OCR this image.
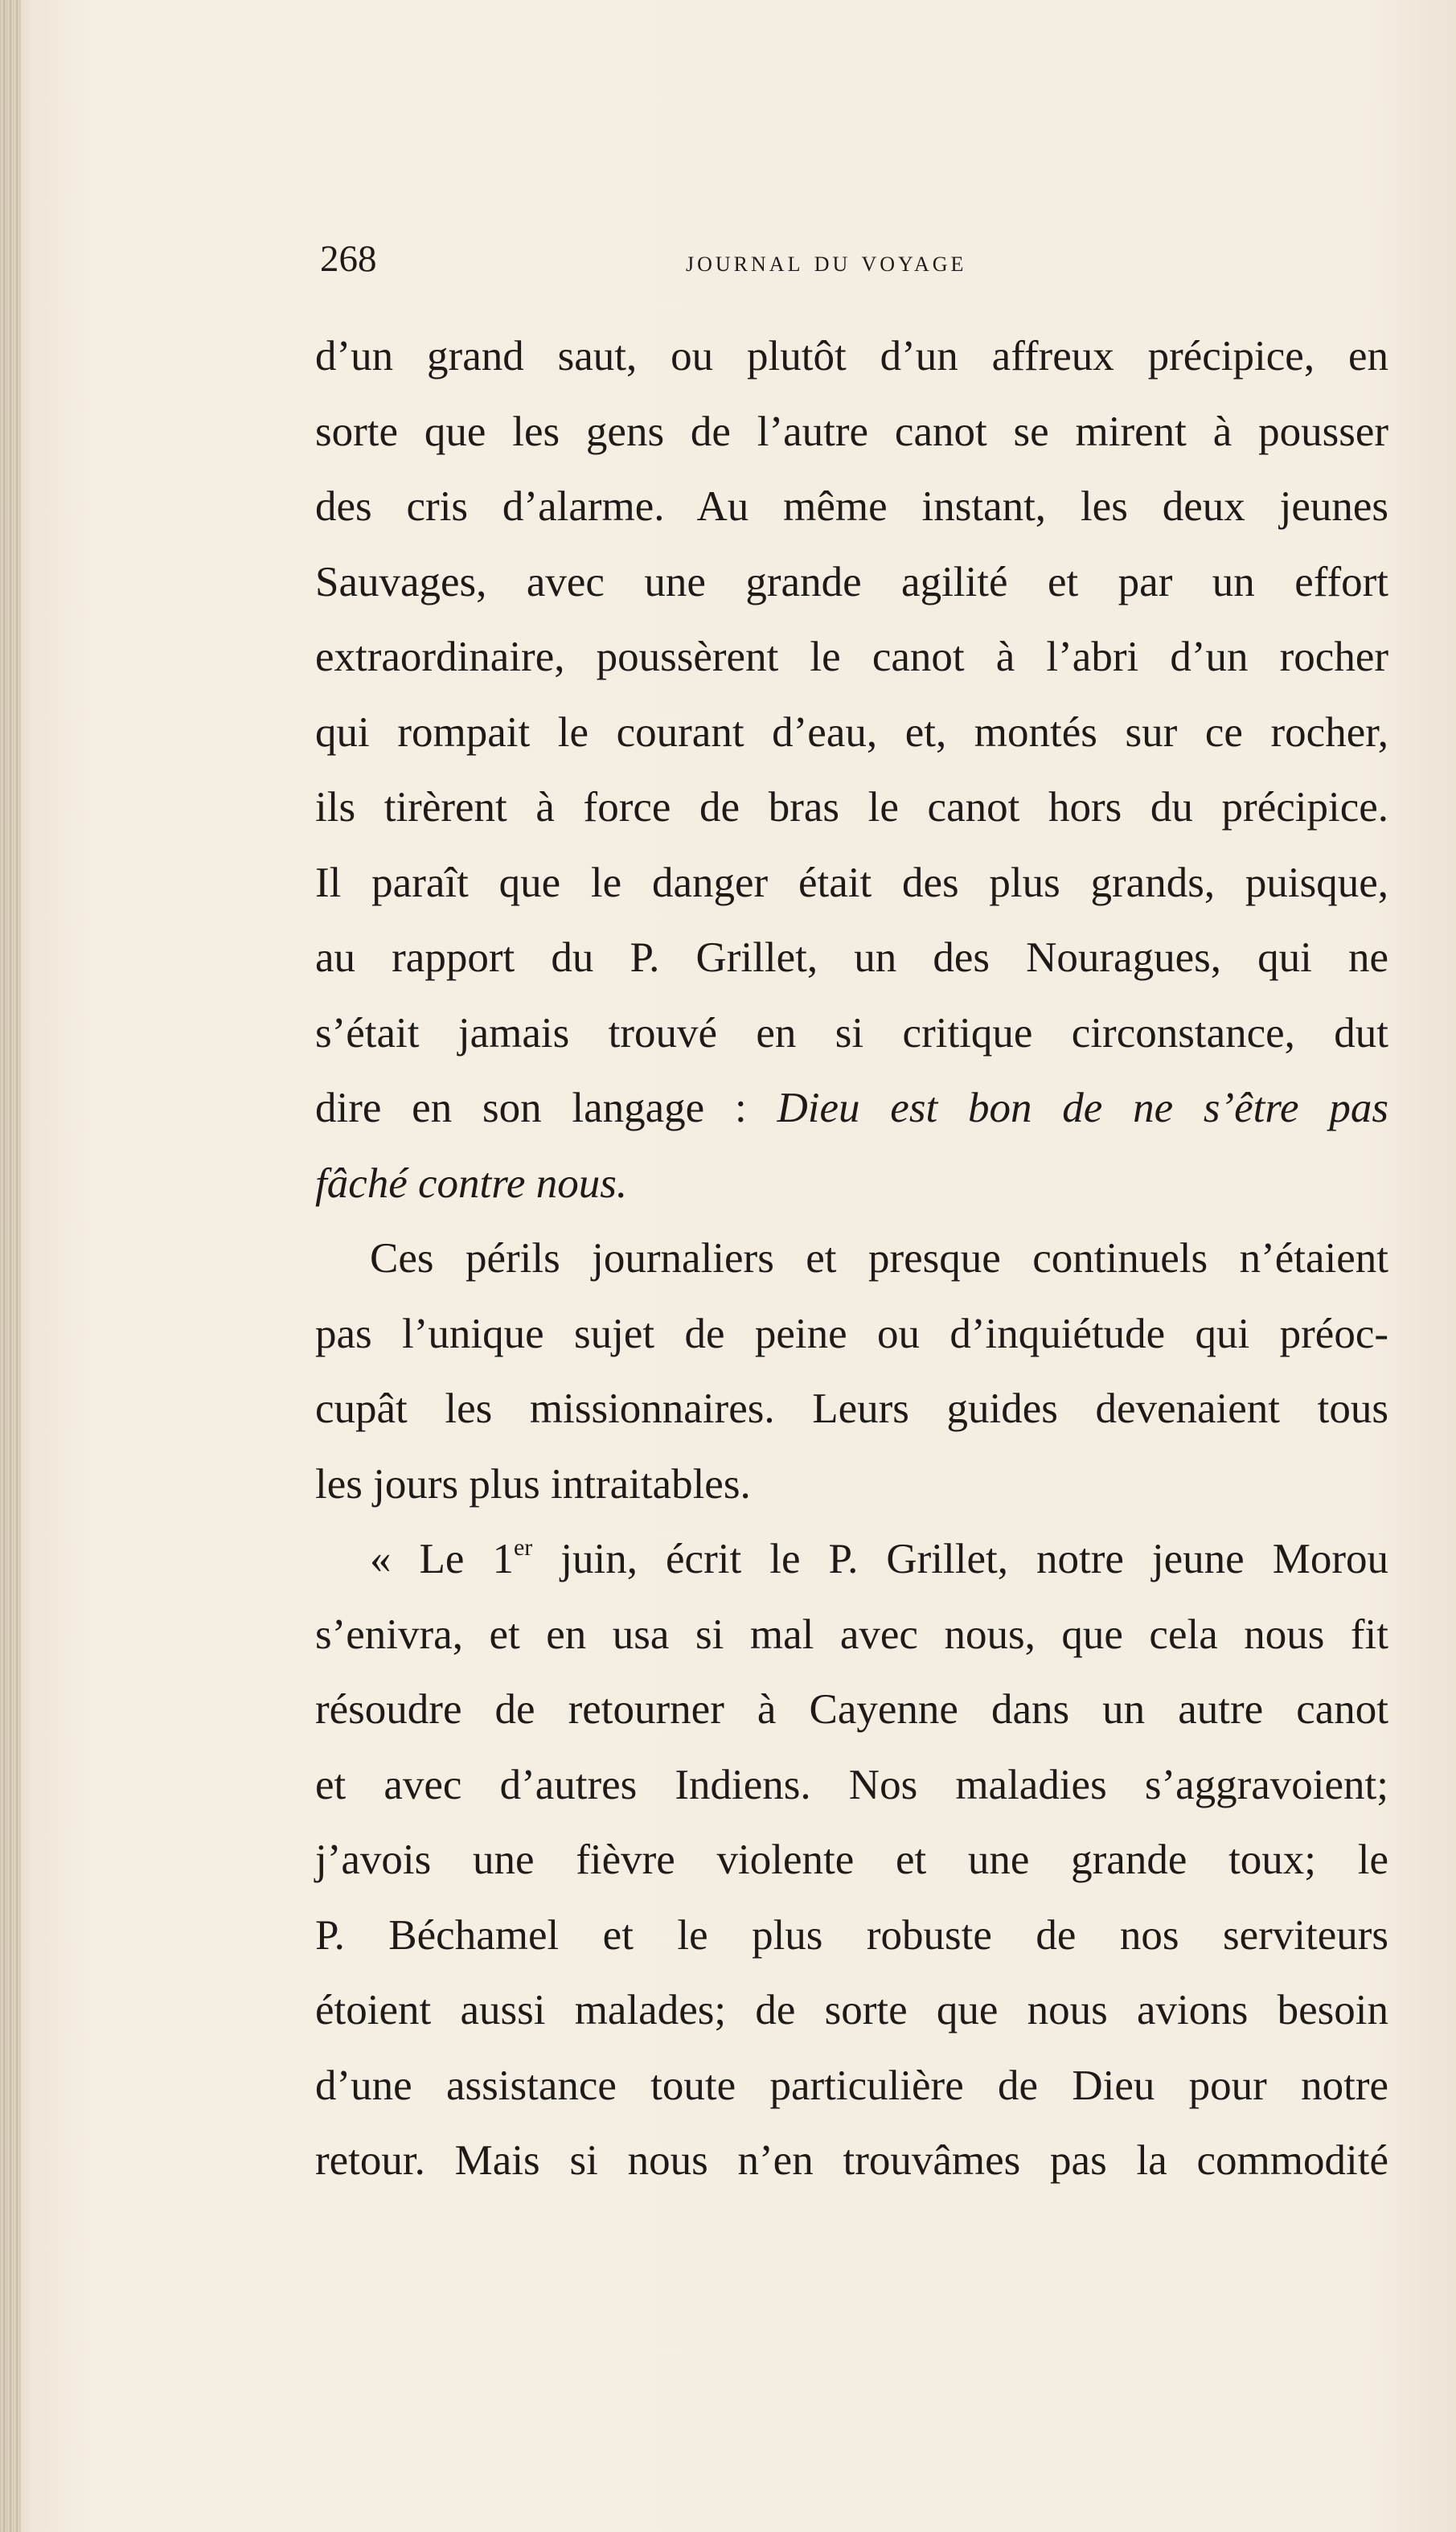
268	journal du voyage
d’un grand saut, ou plutôt d’un affreux précipice, en
sorte que les gens de l’autre canot se mirent à pousser
des cris d’alarme. Au même instant, les deux jeunes
Sauvages, avec une grande agilité et par un effort
extraordinaire, poussèrent le canot à l’abri d’un rocher
qui rompait le courant d’eau, et, montés sur ce rocher,
ils tirèrent à force de bras le canot hors du précipice.
Il paraît que le danger était des plus grands, puisque,
au rapport du P. Grillet, un des Nouragues, qui ne
s’était jamais trouvé en si critique circonstance, dut
dire en son langage : Dieu est bon de ne s’être pas
fâché contre nous.
Ces périls journaliers et presque continuels n’étaient
pas l’unique sujet de peine ou d’inquiétude qui préoc-
cupât les missionnaires. Leurs guides devenaient tous
les jours plus intraitables.
« Le 1er juin, écrit le P. Grillet, notre jeune Morou
s’enivra, et en usa si mal avec nous, que cela nous fit
résoudre de retourner à Cayenne dans un autre canot
et avec d’autres Indiens. Nos maladies s’aggravoient;
j’avois une fièvre violente et une grande toux; le
P. Béchamel et le plus robuste de nos serviteurs
étoient aussi malades; de sorte que nous avions besoin
d’une assistance toute particulière de Dieu pour notre
retour. Mais si nous n’en trouvâmes pas la commodité
